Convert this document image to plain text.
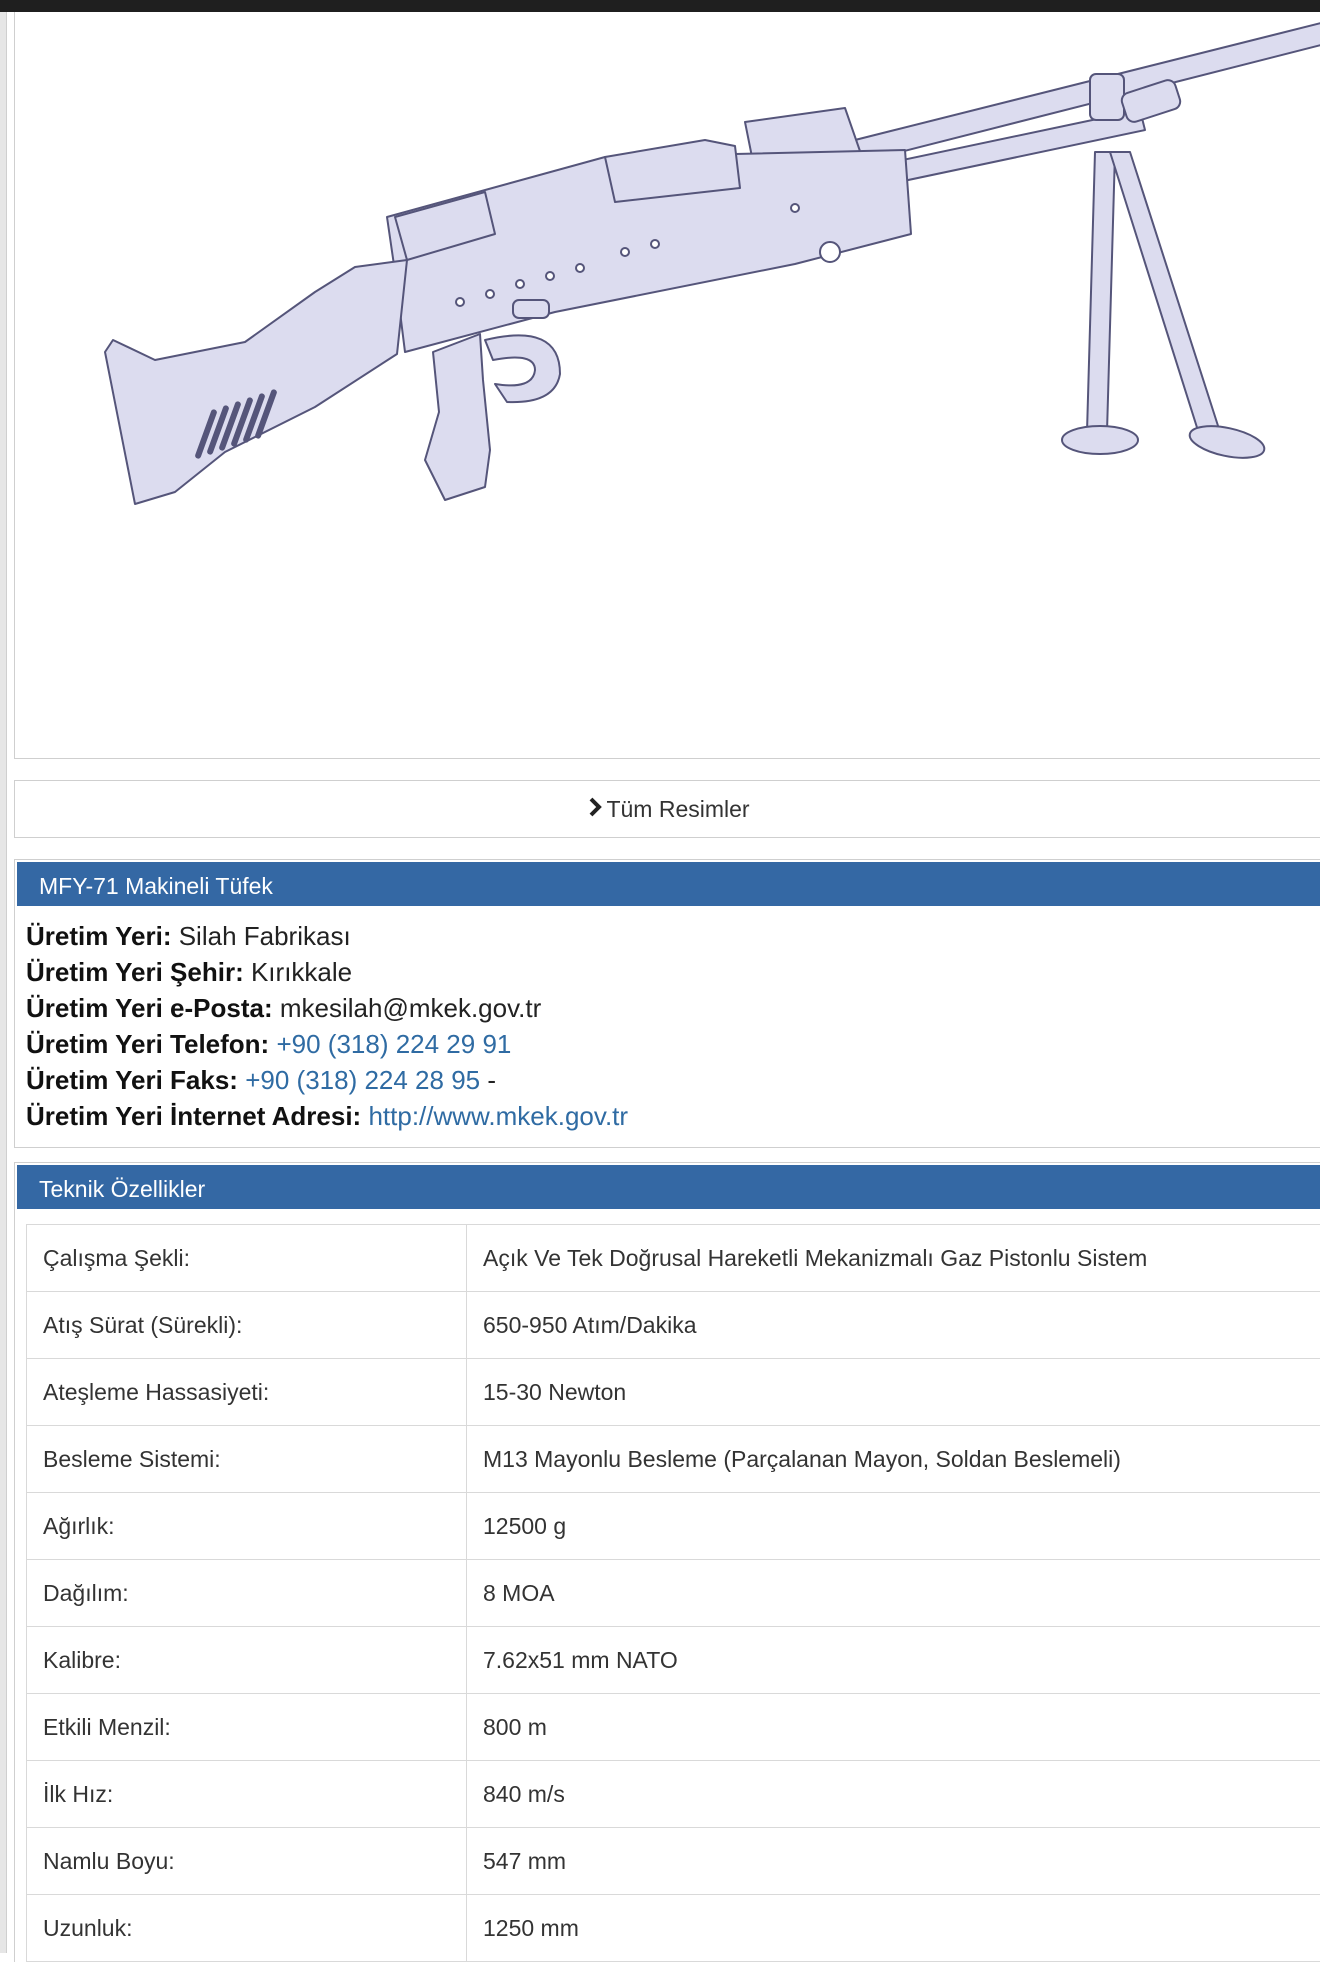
Tüm Resimler
MFY-71 Makineli Tüfek
Üretim Yeri: Silah Fabrikası
Üretim Yeri Şehir: Kırıkkale
Üretim Yeri e-Posta: mkesilah@mkek.gov.tr
Üretim Yeri Telefon: +90 (318) 224 29 91
Üretim Yeri Faks: +90 (318) 224 28 95 -
Üretim Yeri İnternet Adresi: http://www.mkek.gov.tr
Teknik Özellikler
Çalışma Şekli:	Açık Ve Tek Doğrusal Hareketli Mekanizmalı Gaz Pistonlu Sistem
Atış Sürat (Sürekli):	650-950 Atım/Dakika
Ateşleme Hassasiyeti:	15-30 Newton
Besleme Sistemi:	M13 Mayonlu Besleme (Parçalanan Mayon, Soldan Beslemeli)
Ağırlık:	12500 g
Dağılım:	8 MOA
Kalibre:	7.62x51 mm NATO
Etkili Menzil:	800 m
İlk Hız:	840 m/s
Namlu Boyu:	547 mm
Uzunluk:	1250 mm
